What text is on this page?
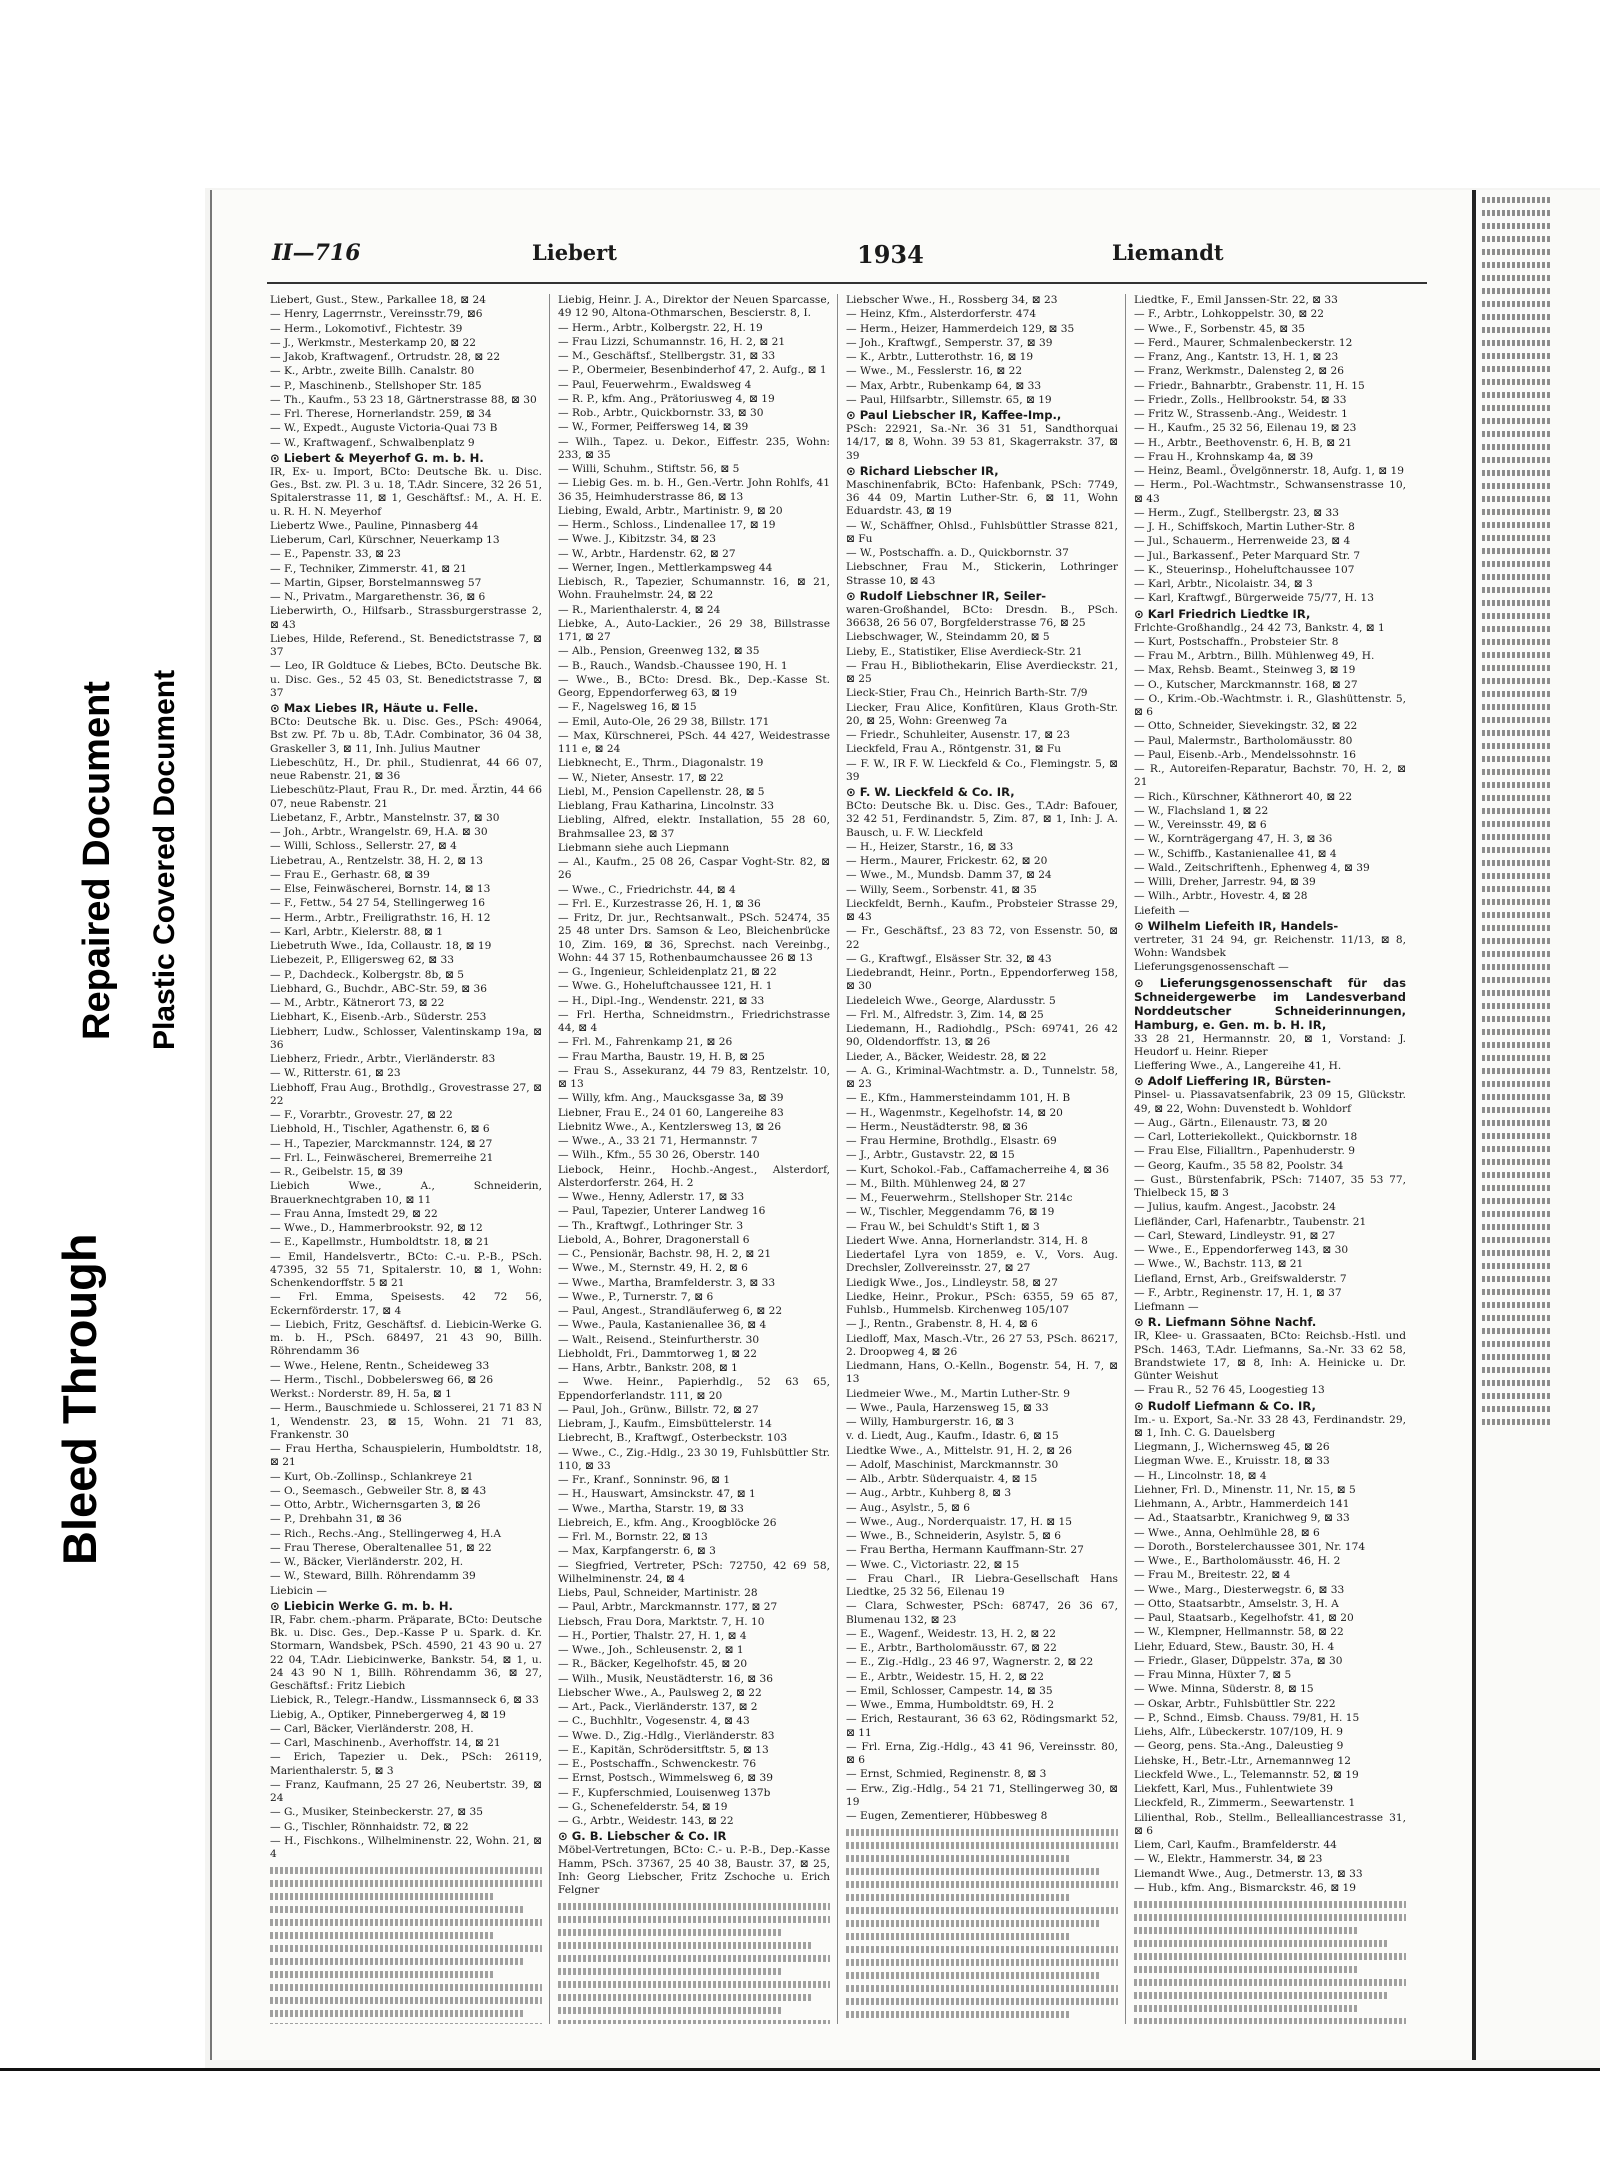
Bleed Through
Repaired Document Plastic Covered Document
II—716	Liebert	1934	Liemandt
Liebert, Gust., Stew., Parkallee 18, ⊠ 24
— Henry, Lagerrnstr., Vereinsstr.79, ⊠6
— Herm., Lokomotivf., Fichtestr. 39
— J., Werkmstr., Mesterkamp 20, ⊠ 22
— Jakob, Kraftwagenf., Ortrudstr. 28, ⊠ 22
— K., Arbtr., zweite Billh. Canalstr. 80
— P., Maschinenb., Stellshoper Str. 185
— Th., Kaufm., 53 23 18, Gärtnerstrasse 88, ⊠ 30
— Frl. Therese, Hornerlandstr. 259, ⊠ 34
— W., Expedt., Auguste Victoria-Quai 73 B
— W., Kraftwagenf., Schwalbenplatz 9
⊙ Liebert & Meyerhof G. m. b. H.
IR, Ex- u. Import, BCto: Deutsche Bk. u. Disc. Ges., Bst. zw. Pl. 3 u. 18, T.Adr. Sincere, 32 26 51, Spitalerstrasse 11, ⊠ 1, Geschäftsf.: M., A. H. E. u. R. H. N. Meyerhof
Liebertz Wwe., Pauline, Pinnasberg 44
Lieberum, Carl, Kürschner, Neuerkamp 13
— E., Papenstr. 33, ⊠ 23
— F., Techniker, Zimmerstr. 41, ⊠ 21
— Martin, Gipser, Borstelmannsweg 57
— N., Privatm., Margarethenstr. 36, ⊠ 6
Lieberwirth, O., Hilfsarb., Strassburgerstrasse 2, ⊠ 43
Liebes, Hilde, Referend., St. Benedictstrasse 7, ⊠ 37
— Leo, IR Goldtuce & Liebes, BCto. Deutsche Bk. u. Disc. Ges., 52 45 03, St. Benedictstrasse 7, ⊠ 37
⊙ Max Liebes IR, Häute u. Felle.
BCto: Deutsche Bk. u. Disc. Ges., PSch: 49064, Bst zw. Pf. 7b u. 8b, T.Adr. Combinator, 36 04 38, Graskeller 3, ⊠ 11, Inh. Julius Mautner
Liebeschütz, H., Dr. phil., Studienrat, 44 66 07, neue Rabenstr. 21, ⊠ 36
Liebeschütz-Plaut, Frau R., Dr. med. Ärztin, 44 66 07, neue Rabenstr. 21
Liebetanz, F., Arbtr., Manstelnstr. 37, ⊠ 30
— Joh., Arbtr., Wrangelstr. 69, H.A. ⊠ 30
— Willi, Schloss., Sellerstr. 27, ⊠ 4
Liebetrau, A., Rentzelstr. 38, H. 2, ⊠ 13
— Frau E., Gerhastr. 68, ⊠ 39
— Else, Feinwäscherei, Bornstr. 14, ⊠ 13
— F., Fettw., 54 27 54, Stellingerweg 16
— Herm., Arbtr., Freiligrathstr. 16, H. 12
— Karl, Arbtr., Kielerstr. 88, ⊠ 1
Liebetruth Wwe., Ida, Collaustr. 18, ⊠ 19
Liebezeit, P., Elligersweg 62, ⊠ 33
— P., Dachdeck., Kolbergstr. 8b, ⊠ 5
Liebhard, G., Buchdr., ABC-Str. 59, ⊠ 36
— M., Arbtr., Kätnerort 73, ⊠ 22
Liebhart, K., Eisenb.-Arb., Süderstr. 253
Liebherr, Ludw., Schlosser, Valentinskamp 19a, ⊠ 36
Liebherz, Friedr., Arbtr., Vierländerstr. 83
— W., Ritterstr. 61, ⊠ 23
Liebhoff, Frau Aug., Brothdlg., Grovestrasse 27, ⊠ 22
— F., Vorarbtr., Grovestr. 27, ⊠ 22
Liebhold, H., Tischler, Agathenstr. 6, ⊠ 6
— H., Tapezier, Marckmannstr. 124, ⊠ 27
— Frl. L., Feinwäscherei, Bremerreihe 21
— R., Geibelstr. 15, ⊠ 39
Liebich Wwe., A., Schneiderin, Brauerknechtgraben 10, ⊠ 11
— Frau Anna, Imstedt 29, ⊠ 22
— Wwe., D., Hammerbrookstr. 92, ⊠ 12
— E., Kapellmstr., Humboldtstr. 18, ⊠ 21
— Emil, Handelsvertr., BCto: C.-u. P.-B., PSch. 47395, 32 55 71, Spitalerstr. 10, ⊠ 1, Wohn: Schenkendorffstr. 5 ⊠ 21
— Frl. Emma, Speisests. 42 72 56, Eckernförderstr. 17, ⊠ 4
— Liebich, Fritz, Geschäftsf. d. Liebicin-Werke G. m. b. H., PSch. 68497, 21 43 90, Billh. Röhrendamm 36
— Wwe., Helene, Rentn., Scheideweg 33
— Herm., Tischl., Dobbelersweg 66, ⊠ 26
Werkst.: Norderstr. 89, H. 5a, ⊠ 1
— Herm., Bauschmiede u. Schlosserei, 21 71 83 N 1, Wendenstr. 23, ⊠ 15, Wohn. 21 71 83, Frankenstr. 30
— Frau Hertha, Schauspielerin, Humboldtstr. 18, ⊠ 21
— Kurt, Ob.-Zollinsp., Schlankreye 21
— O., Seemasch., Gebweiler Str. 8, ⊠ 43
— Otto, Arbtr., Wichernsgarten 3, ⊠ 26
— P., Drehbahn 31, ⊠ 36
— Rich., Rechs.-Ang., Stellingerweg 4, H.A
— Frau Therese, Oberaltenallee 51, ⊠ 22
— W., Bäcker, Vierländerstr. 202, H.
— W., Steward, Billh. Röhrendamm 39
Liebicin —
⊙ Liebicin Werke G. m. b. H.
IR, Fabr. chem.-pharm. Präparate, BCto: Deutsche Bk. u. Disc. Ges., Dep.-Kasse P u. Spark. d. Kr. Stormarn, Wandsbek, PSch. 4590, 21 43 90 u. 27 22 04, T.Adr. Liebicinwerke, Bankstr. 54, ⊠ 1, u. 24 43 90 N 1, Billh. Röhrendamm 36, ⊠ 27, Geschäftsf.: Fritz Liebich
Liebick, R., Telegr.-Handw., Lissmannseck 6, ⊠ 33
Liebig, A., Optiker, Pinnebergerweg 4, ⊠ 19
— Carl, Bäcker, Vierländerstr. 208, H.
— Carl, Maschinenb., Averhoffstr. 14, ⊠ 21
— Erich, Tapezier u. Dek., PSch: 26119, Marienthalerstr. 5, ⊠ 3
— Franz, Kaufmann, 25 27 26, Neubertstr. 39, ⊠ 24
— G., Musiker, Steinbeckerstr. 27, ⊠ 35
— G., Tischler, Rönnhaidstr. 72, ⊠ 22
— H., Fischkons., Wilhelminenstr. 22, Wohn. 21, ⊠ 4
Liebig, Heinr. J. A., Direktor der Neuen Sparcasse, 49 12 90, Altona-Othmarschen, Bescierstr. 8, I.
— Herm., Arbtr., Kolbergstr. 22, H. 19
— Frau Lizzi, Schumannstr. 16, H. 2, ⊠ 21
— M., Geschäftsf., Stellbergstr. 31, ⊠ 33
— P., Obermeier, Besenbinderhof 47, 2. Aufg., ⊠ 1
— Paul, Feuerwehrm., Ewaldsweg 4
— R. P., kfm. Ang., Prätoriusweg 4, ⊠ 19
— Rob., Arbtr., Quickbornstr. 33, ⊠ 30
— W., Former, Peiffersweg 14, ⊠ 39
— Wilh., Tapez. u. Dekor., Eiffestr. 235, Wohn: 233, ⊠ 35
— Willi, Schuhm., Stiftstr. 56, ⊠ 5
— Liebig Ges. m. b. H., Gen.-Vertr. John Rohlfs, 41 36 35, Heimhuderstrasse 86, ⊠ 13
Liebing, Ewald, Arbtr., Martinistr. 9, ⊠ 20
— Herm., Schloss., Lindenallee 17, ⊠ 19
— Wwe. J., Kibitzstr. 34, ⊠ 23
— W., Arbtr., Hardenstr. 62, ⊠ 27
— Werner, Ingen., Mettlerkampsweg 44
Liebisch, R., Tapezier, Schumannstr. 16, ⊠ 21, Wohn. Frauhelmstr. 24, ⊠ 22
— R., Marienthalerstr. 4, ⊠ 24
Liebke, A., Auto-Lackier., 26 29 38, Billstrasse 171, ⊠ 27
— Alb., Pension, Greenweg 132, ⊠ 35
— B., Rauch., Wandsb.-Chaussee 190, H. 1
— Wwe., B., BCto: Dresd. Bk., Dep.-Kasse St. Georg, Eppendorferweg 63, ⊠ 19
— F., Nagelsweg 16, ⊠ 15
— Emil, Auto-Ole, 26 29 38, Billstr. 171
— Max, Kürschnerei, PSch. 44 427, Weidestrasse 111 e, ⊠ 24
Liebknecht, E., Thrm., Diagonalstr. 19
— W., Nieter, Ansestr. 17, ⊠ 22
Liebl, M., Pension Capellenstr. 28, ⊠ 5
Lieblang, Frau Katharina, Lincolnstr. 33
Liebling, Alfred, elektr. Installation, 55 28 60, Brahmsallee 23, ⊠ 37
Liebmann siehe auch Liepmann
— Al., Kaufm., 25 08 26, Caspar Voght-Str. 82, ⊠ 26
— Wwe., C., Friedrichstr. 44, ⊠ 4
— Frl. E., Kurzestrasse 26, H. 1, ⊠ 36
— Fritz, Dr. jur., Rechtsanwalt., PSch. 52474, 35 25 48 unter Drs. Samson & Leo, Bleichenbrücke 10, Zim. 169, ⊠ 36, Sprechst. nach Vereinbg., Wohn: 44 37 15, Rothenbaumchaussee 26 ⊠ 13
— G., Ingenieur, Schleidenplatz 21, ⊠ 22
— Wwe. G., Hoheluftchaussee 121, H. 1
— H., Dipl.-Ing., Wendenstr. 221, ⊠ 33
— Frl. Hertha, Schneidmstrn., Friedrichstrasse 44, ⊠ 4
— Frl. M., Fahrenkamp 21, ⊠ 26
— Frau Martha, Baustr. 19, H. B, ⊠ 25
— Frau S., Assekuranz, 44 79 83, Rentzelstr. 10, ⊠ 13
— Willy, kfm. Ang., Maucksgasse 3a, ⊠ 39
Liebner, Frau E., 24 01 60, Langereihe 83
Liebnitz Wwe., A., Kentzlersweg 13, ⊠ 26
— Wwe., A., 33 21 71, Hermannstr. 7
— Wilh., Kfm., 55 30 26, Oberstr. 140
Liebock, Heinr., Hochb.-Angest., Alsterdorf, Alsterdorferstr. 264, H. 2
— Wwe., Henny, Adlerstr. 17, ⊠ 33
— Paul, Tapezier, Unterer Landweg 16
— Th., Kraftwgf., Lothringer Str. 3
Liebold, A., Bohrer, Dragonerstall 6
— C., Pensionär, Bachstr. 98, H. 2, ⊠ 21
— Wwe., M., Sternstr. 49, H. 2, ⊠ 6
— Wwe., Martha, Bramfelderstr. 3, ⊠ 33
— Wwe., P., Turnerstr. 7, ⊠ 6
— Paul, Angest., Strandläuferweg 6, ⊠ 22
— Wwe., Paula, Kastanienallee 36, ⊠ 4
— Walt., Reisend., Steinfurtherstr. 30
Liebholdt, Fri., Dammtorweg 1, ⊠ 22
— Hans, Arbtr., Bankstr. 208, ⊠ 1
— Wwe. Heinr., Papierhdlg., 52 63 65, Eppendorferlandstr. 111, ⊠ 20
— Paul, Joh., Grünw., Billstr. 72, ⊠ 27
Liebram, J., Kaufm., Eimsbüttelerstr. 14
Liebrecht, B., Kraftwgf., Osterbeckstr. 103
— Wwe., C., Zig.-Hdlg., 23 30 19, Fuhlsbüttler Str. 110, ⊠ 33
— Fr., Kranf., Sonninstr. 96, ⊠ 1
— H., Hauswart, Amsinckstr. 47, ⊠ 1
— Wwe., Martha, Starstr. 19, ⊠ 33
Liebreich, E., kfm. Ang., Kroogblöcke 26
— Frl. M., Bornstr. 22, ⊠ 13
— Max, Karpfangerstr. 6, ⊠ 3
— Siegfried, Vertreter, PSch: 72750, 42 69 58, Wilhelminenstr. 24, ⊠ 4
Liebs, Paul, Schneider, Martinistr. 28
— Paul, Arbtr., Marckmannstr. 177, ⊠ 27
Liebsch, Frau Dora, Marktstr. 7, H. 10
— H., Portier, Thalstr. 27, H. 1, ⊠ 4
— Wwe., Joh., Schleusenstr. 2, ⊠ 1
— R., Bäcker, Kegelhofstr. 45, ⊠ 20
— Wilh., Musik, Neustädterstr. 16, ⊠ 36
Liebscher Wwe., A., Paulsweg 2, ⊠ 22
— Art., Pack., Vierländerstr. 137, ⊠ 2
— C., Buchhltr., Vogesenstr. 4, ⊠ 43
— Wwe. D., Zig.-Hdlg., Vierländerstr. 83
— E., Kapitän, Schrödersitftstr. 5, ⊠ 13
— E., Postschaffn., Schwenckestr. 76
— Ernst, Postsch., Wimmelsweg 6, ⊠ 39
— F., Kupferschmied, Louisenweg 137b
— G., Schenefelderstr. 54, ⊠ 19
— G., Arbtr., Weidestr. 143, ⊠ 22
⊙ G. B. Liebscher & Co. IR
Möbel-Vertretungen, BCto: C.- u. P.-B., Dep.-Kasse Hamm, PSch. 37367, 25 40 38, Baustr. 37, ⊠ 25, Inh: Georg Liebscher, Fritz Zschoche u. Erich Felgner
Liebscher Wwe., H., Rossberg 34, ⊠ 23
— Heinz, Kfm., Alsterdorferstr. 474
— Herm., Heizer, Hammerdeich 129, ⊠ 35
— Joh., Kraftwgf., Semperstr. 37, ⊠ 39
— K., Arbtr., Lutterothstr. 16, ⊠ 19
— Wwe., M., Fesslerstr. 16, ⊠ 22
— Max, Arbtr., Rubenkamp 64, ⊠ 33
— Paul, Hilfsarbtr., Sillemstr. 65, ⊠ 19
⊙ Paul Liebscher IR, Kaffee-Imp.,
PSch: 22921, Sa.-Nr. 36 31 51, Sandthorquai 14/17, ⊠ 8, Wohn. 39 53 81, Skagerrakstr. 37, ⊠ 39
⊙ Richard Liebscher IR,
Maschinenfabrik, BCto: Hafenbank, PSch: 7749, 36 44 09, Martin Luther-Str. 6, ⊠ 11, Wohn Eduardstr. 43, ⊠ 19
— W., Schäffner, Ohlsd., Fuhlsbüttler Strasse 821, ⊠ Fu
— W., Postschaffn. a. D., Quickbornstr. 37
Liebschner, Frau M., Stickerin, Lothringer Strasse 10, ⊠ 43
⊙ Rudolf Liebschner IR, Seiler-
waren-Großhandel, BCto: Dresdn. B., PSch. 36638, 26 56 07, Borgfelderstrasse 76, ⊠ 25
Liebschwager, W., Steindamm 20, ⊠ 5
Lieby, E., Statistiker, Elise Averdieck-Str. 21
— Frau H., Bibliothekarin, Elise Averdieckstr. 21, ⊠ 25
Lieck-Stier, Frau Ch., Heinrich Barth-Str. 7/9
Liecker, Frau Alice, Konfitüren, Klaus Groth-Str. 20, ⊠ 25, Wohn: Greenweg 7a
— Friedr., Schuhleiter, Ausenstr. 17, ⊠ 23
Lieckfeld, Frau A., Röntgenstr. 31, ⊠ Fu
— F. W., IR F. W. Lieckfeld & Co., Flemingstr. 5, ⊠ 39
⊙ F. W. Lieckfeld & Co. IR,
BCto: Deutsche Bk. u. Disc. Ges., T.Adr: Bafouer, 32 42 51, Ferdinandstr. 5, Zim. 87, ⊠ 1, Inh: J. A. Bausch, u. F. W. Lieckfeld
— H., Heizer, Starstr., 16, ⊠ 33
— Herm., Maurer, Frickestr. 62, ⊠ 20
— Wwe., M., Mundsb. Damm 37, ⊠ 24
— Willy, Seem., Sorbenstr. 41, ⊠ 35
Lieckfeldt, Bernh., Kaufm., Probsteier Strasse 29, ⊠ 43
— Fr., Geschäftsf., 23 83 72, von Essenstr. 50, ⊠ 22
— G., Kraftwgf., Elsässer Str. 32, ⊠ 43
Liedebrandt, Heinr., Portn., Eppendorferweg 158, ⊠ 30
Liedeleich Wwe., George, Alardusstr. 5
— Frl. M., Alfredstr. 3, Zim. 14, ⊠ 25
Liedemann, H., Radiohdlg., PSch: 69741, 26 42 90, Oldendorffstr. 13, ⊠ 26
Lieder, A., Bäcker, Weidestr. 28, ⊠ 22
— A. G., Kriminal-Wachtmstr. a. D., Tunnelstr. 58, ⊠ 23
— E., Kfm., Hammersteindamm 101, H. B
— H., Wagenmstr., Kegelhofstr. 14, ⊠ 20
— Herm., Neustädterstr. 98, ⊠ 36
— Frau Hermine, Brothdlg., Elsastr. 69
— J., Arbtr., Gustavstr. 22, ⊠ 15
— Kurt, Schokol.-Fab., Caffamacherreihe 4, ⊠ 36
— M., Bilth. Mühlenweg 24, ⊠ 27
— M., Feuerwehrm., Stellshoper Str. 214c
— W., Tischler, Meggendamm 76, ⊠ 19
— Frau W., bei Schuldt's Stift 1, ⊠ 3
Liedert Wwe. Anna, Hornerlandstr. 314, H. 8
Liedertafel Lyra von 1859, e. V., Vors. Aug. Drechsler, Zollvereinsstr. 27, ⊠ 27
Liedigk Wwe., Jos., Lindleystr. 58, ⊠ 27
Liedke, Heinr., Prokur., PSch: 6355, 59 65 87, Fuhlsb., Hummelsb. Kirchenweg 105/107
— J., Rentn., Grabenstr. 8, H. 4, ⊠ 6
Liedloff, Max, Masch.-Vtr., 26 27 53, PSch. 86217, 2. Droopweg 4, ⊠ 26
Liedmann, Hans, O.-Kelln., Bogenstr. 54, H. 7, ⊠ 13
Liedmeier Wwe., M., Martin Luther-Str. 9
— Wwe., Paula, Harzensweg 15, ⊠ 33
— Willy, Hamburgerstr. 16, ⊠ 3
v. d. Liedt, Aug., Kaufm., Idastr. 6, ⊠ 15
Liedtke Wwe., A., Mittelstr. 91, H. 2, ⊠ 26
— Adolf, Maschinist, Marckmannstr. 30
— Alb., Arbtr. Süderquaistr. 4, ⊠ 15
— Aug., Arbtr., Kuhberg 8, ⊠ 3
— Aug., Asylstr., 5, ⊠ 6
— Wwe., Aug., Norderquaistr. 17, H. ⊠ 15
— Wwe., B., Schneiderin, Asylstr. 5, ⊠ 6
— Frau Bertha, Hermann Kauffmann-Str. 27
— Wwe. C., Victoriastr. 22, ⊠ 15
— Frau Charl., IR Liebra-Gesellschaft Hans Liedtke, 25 32 56, Eilenau 19
— Clara, Schwester, PSch: 68747, 26 36 67, Blumenau 132, ⊠ 23
— E., Wagenf., Weidestr. 13, H. 2, ⊠ 22
— E., Arbtr., Bartholomäusstr. 67, ⊠ 22
— E., Zig.-Hdlg., 23 46 97, Wagnerstr. 2, ⊠ 22
— E., Arbtr., Weidestr. 15, H. 2, ⊠ 22
— Emil, Schlosser, Campestr. 14, ⊠ 35
— Wwe., Emma, Humboldtstr. 69, H. 2
— Erich, Restaurant, 36 63 62, Rödingsmarkt 52, ⊠ 11
— Frl. Erna, Zig.-Hdlg., 43 41 96, Vereinsstr. 80, ⊠ 6
— Ernst, Schmied, Reginenstr. 8, ⊠ 3
— Erw., Zig.-Hdlg., 54 21 71, Stellingerweg 30, ⊠ 19
— Eugen, Zementierer, Hübbesweg 8
Liedtke, F., Emil Janssen-Str. 22, ⊠ 33
— F., Arbtr., Lohkoppelstr. 30, ⊠ 22
— Wwe., F., Sorbenstr. 45, ⊠ 35
— Ferd., Maurer, Schmalenbeckerstr. 12
— Franz, Ang., Kantstr. 13, H. 1, ⊠ 23
— Franz, Werkmstr., Dalensteg 2, ⊠ 26
— Friedr., Bahnarbtr., Grabenstr. 11, H. 15
— Friedr., Zolls., Hellbrookstr. 54, ⊠ 33
— Fritz W., Strassenb.-Ang., Weidestr. 1
— H., Kaufm., 25 32 56, Eilenau 19, ⊠ 23
— H., Arbtr., Beethovenstr. 6, H. B, ⊠ 21
— Frau H., Krohnskamp 4a, ⊠ 39
— Heinz, Beaml., Övelgönnerstr. 18, Aufg. 1, ⊠ 19
— Herm., Pol.-Wachtmstr., Schwansenstrasse 10, ⊠ 43
— Herm., Zugf., Stellbergstr. 23, ⊠ 33
— J. H., Schiffskoch, Martin Luther-Str. 8
— Jul., Schauerm., Herrenweide 23, ⊠ 4
— Jul., Barkassenf., Peter Marquard Str. 7
— K., Steuerinsp., Hoheluftchaussee 107
— Karl, Arbtr., Nicolaistr. 34, ⊠ 3
— Karl, Kraftwgf., Bürgerweide 75/77, H. 13
⊙ Karl Friedrich Liedtke IR,
Frlchte-Großhandlg., 24 42 73, Bankstr. 4, ⊠ 1
— Kurt, Postschaffn., Probsteier Str. 8
— Frau M., Arbtrn., Billh. Mühlenweg 49, H.
— Max, Rehsb. Beamt., Steinweg 3, ⊠ 19
— O., Kutscher, Marckmannstr. 168, ⊠ 27
— O., Krim.-Ob.-Wachtmstr. i. R., Glashüttenstr. 5, ⊠ 6
— Otto, Schneider, Sievekingstr. 32, ⊠ 22
— Paul, Malermstr., Bartholomäusstr. 80
— Paul, Eisenb.-Arb., Mendelssohnstr. 16
— R., Autoreifen-Reparatur, Bachstr. 70, H. 2, ⊠ 21
— Rich., Kürschner, Käthnerort 40, ⊠ 22
— W., Flachsland 1, ⊠ 22
— W., Vereinsstr. 49, ⊠ 6
— W., Kornträgergang 47, H. 3, ⊠ 36
— W., Schiffb., Kastanienallee 41, ⊠ 4
— Wald., Zeitschriftenh., Ephenweg 4, ⊠ 39
— Willi, Dreher, Jarrestr. 94, ⊠ 39
— Wilh., Arbtr., Hovestr. 4, ⊠ 28
Liefeith —
⊙ Wilhelm Liefeith IR, Handels-
vertreter, 31 24 94, gr. Reichenstr. 11/13, ⊠ 8, Wohn: Wandsbek
Lieferungsgenossenschaft —
⊙ Lieferungsgenossenschaft für das Schneidergewerbe im Landesverband Norddeutscher Schneiderinnungen, Hamburg, e. Gen. m. b. H. IR,
33 28 21, Hermannstr. 20, ⊠ 1, Vorstand: J. Heudorf u. Heinr. Rieper
Lieffering Wwe., A., Langereihe 41, H.
⊙ Adolf Lieffering IR, Bürsten-
Pinsel- u. Piassavatsenfabrik, 23 09 15, Glückstr. 49, ⊠ 22, Wohn: Duvenstedt b. Wohldorf
— Aug., Gärtn., Eilenaustr. 73, ⊠ 20
— Carl, Lotteriekollekt., Quickbornstr. 18
— Frau Else, Filialltrn., Papenhuderstr. 9
— Georg, Kaufm., 35 58 82, Poolstr. 34
— Gust., Bürstenfabrik, PSch: 71407, 35 53 77, Thielbeck 15, ⊠ 3
— Julius, kaufm. Angest., Jacobstr. 24
Liefländer, Carl, Hafenarbtr., Taubenstr. 21
— Carl, Steward, Lindleystr. 91, ⊠ 27
— Wwe., E., Eppendorferweg 143, ⊠ 30
— Wwe., W., Bachstr. 113, ⊠ 21
Liefland, Ernst, Arb., Greifswalderstr. 7
— F., Arbtr., Reginenstr. 17, H. 1, ⊠ 37
Liefmann —
⊙ R. Liefmann Söhne Nachf.
IR, Klee- u. Grassaaten, BCto: Reichsb.-Hstl. und PSch. 1463, T.Adr. Liefmanns, Sa.-Nr. 33 62 58, Brandstwiete 17, ⊠ 8, Inh: A. Heinicke u. Dr. Günter Weishut
— Frau R., 52 76 45, Loogestieg 13
⊙ Rudolf Liefmann & Co. IR,
Im.- u. Export, Sa.-Nr. 33 28 43, Ferdinandstr. 29, ⊠ 1, Inh. C. G. Dauelsberg
Liegmann, J., Wichernsweg 45, ⊠ 26
Liegman Wwe. E., Kruisstr. 18, ⊠ 33
— H., Lincolnstr. 18, ⊠ 4
Liehner, Frl. D., Minenstr. 11, Nr. 15, ⊠ 5
Liehmann, A., Arbtr., Hammerdeich 141
— Ad., Staatsarbtr., Kranichweg 9, ⊠ 33
— Wwe., Anna, Oehlmühle 28, ⊠ 6
— Doroth., Borstelerchaussee 301, Nr. 174
— Wwe., E., Bartholomäusstr. 46, H. 2
— Frau M., Breitestr. 22, ⊠ 4
— Wwe., Marg., Diesterwegstr. 6, ⊠ 33
— Otto, Staatsarbtr., Amselstr. 3, H. A
— Paul, Staatsarb., Kegelhofstr. 41, ⊠ 20
— W., Klempner, Hellmannstr. 58, ⊠ 22
Liehr, Eduard, Stew., Baustr. 30, H. 4
— Friedr., Glaser, Düppelstr. 37a, ⊠ 30
— Frau Minna, Hüxter 7, ⊠ 5
— Wwe. Minna, Süderstr. 8, ⊠ 15
— Oskar, Arbtr., Fuhlsbüttler Str. 222
— P., Schnd., Eimsb. Chauss. 79/81, H. 15
Liehs, Alfr., Lübeckerstr. 107/109, H. 9
— Georg, pens. Sta.-Ang., Daleustieg 9
Liehske, H., Betr.-Ltr., Arnemannweg 12
Lieckfeld Wwe., L., Telemannstr. 52, ⊠ 19
Liekfett, Karl, Mus., Fuhlentwiete 39
Lieckfeld, R., Zimmerm., Seewartenstr. 1
Lilienthal, Rob., Stellm., Bellealliancestrasse 31, ⊠ 6
Liem, Carl, Kaufm., Bramfelderstr. 44
— W., Elektr., Hammerstr. 34, ⊠ 23
Liemandt Wwe., Aug., Detmerstr. 13, ⊠ 33
— Hub., kfm. Ang., Bismarckstr. 46, ⊠ 19
